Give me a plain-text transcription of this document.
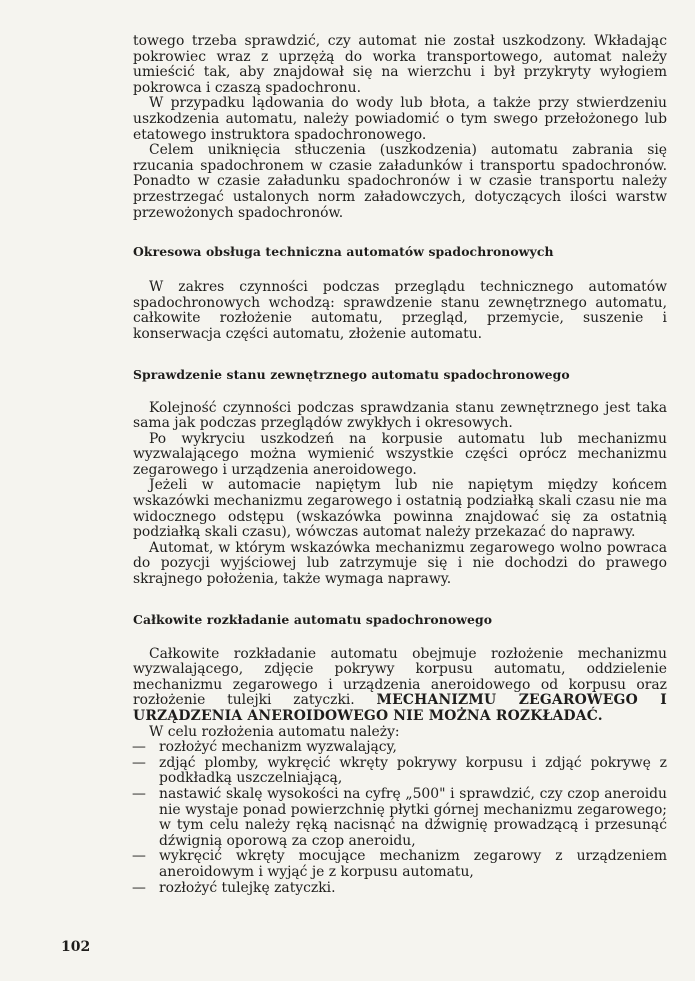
towego trzeba sprawdzić, czy automat nie został uszkodzony. Wkładając pokrowiec wraz z uprzężą do worka transportowego, automat należy umieścić tak, aby znajdował się na wierzchu i był przykryty wyłogiem pokrowca i czaszą spadochronu.

W przypadku lądowania do wody lub błota, a także przy stwierdzeniu uszkodzenia automatu, należy powiadomić o tym swego przełożonego lub etatowego instruktora spadochronowego.

Celem uniknięcia stłuczenia (uszkodzenia) automatu zabrania się rzucania spadochronem w czasie załadunków i transportu spadochronów. Ponadto w czasie załadunku spadochronów i w czasie transportu należy przestrzegać ustalonych norm załadowczych, dotyczących ilości warstw przewożonych spadochronów.

Okresowa obsługa techniczna automatów spadochronowych

W zakres czynności podczas przeglądu technicznego automatów spadochronowych wchodzą: sprawdzenie stanu zewnętrznego automatu, całkowite rozłożenie automatu, przegląd, przemycie, suszenie i konserwacja części automatu, złożenie automatu.

Sprawdzenie stanu zewnętrznego automatu spadochronowego

Kolejność czynności podczas sprawdzania stanu zewnętrznego jest taka sama jak podczas przeglądów zwykłych i okresowych.

Po wykryciu uszkodzeń na korpusie automatu lub mechanizmu wyzwalającego można wymienić wszystkie części oprócz mechanizmu zegarowego i urządzenia aneroidowego.

Jeżeli w automacie napiętym lub nie napiętym między końcem wskazówki mechanizmu zegarowego i ostatnią podziałką skali czasu nie ma widocznego odstępu (wskazówka powinna znajdować się za ostatnią podziałką skali czasu), wówczas automat należy przekazać do naprawy.

Automat, w którym wskazówka mechanizmu zegarowego wolno powraca do pozycji wyjściowej lub zatrzymuje się i nie dochodzi do prawego skrajnego położenia, także wymaga naprawy.

Całkowite rozkładanie automatu spadochronowego

Całkowite rozkładanie automatu obejmuje rozłożenie mechanizmu wyzwalającego, zdjęcie pokrywy korpusu automatu, oddzielenie mechanizmu zegarowego i urządzenia aneroidowego od korpusu oraz rozłożenie tulejki zatyczki. MECHANIZMU ZEGAROWEGO I URZĄDZENIA ANEROIDOWEGO NIE MOŻNA ROZKŁADAĆ.

W celu rozłożenia automatu należy:

— rozłożyć mechanizm wyzwalający,
— zdjąć plomby, wykręcić wkręty pokrywy korpusu i zdjąć pokrywę z podkładką uszczelniającą,
— nastawić skalę wysokości na cyfrę „500" i sprawdzić, czy czop aneroidu nie wystaje ponad powierzchnię płytki górnej mechanizmu zegarowego; w tym celu należy ręką nacisnąć na dźwignię prowadzącą i przesunąć dźwignią oporową za czop aneroidu,
— wykręcić wkręty mocujące mechanizm zegarowy z urządzeniem aneroidowym i wyjąć je z korpusu automatu,
— rozłożyć tulejkę zatyczki.
102
